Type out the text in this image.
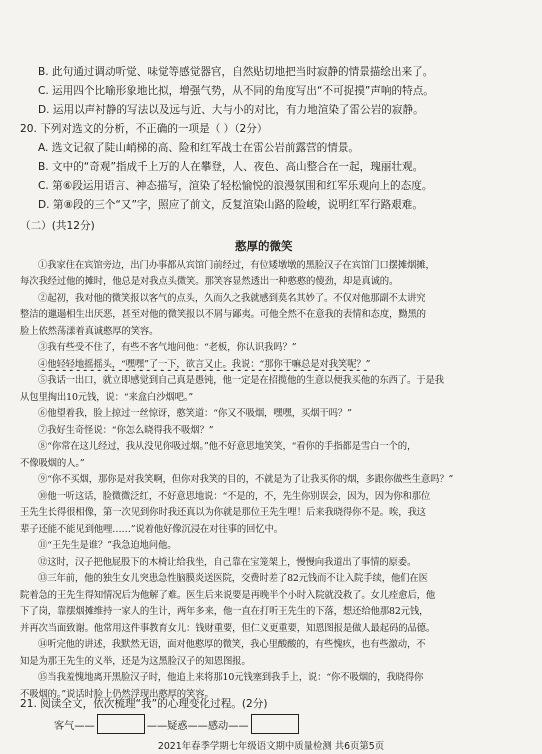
B. 此句通过调动听觉、味觉等感觉器官，自然贴切地把当时寂静的情景描绘出来了。
C. 运用四个比喻形象地比拟，增强气势，从不同的角度写出“不可捉摸”声响的特点。
D. 运用以声衬静的写法以及远与近、大与小的对比，有力地渲染了雷公岩的寂静。
20. 下列对选文的分析，不正确的一项是（ ）（2分）
A. 选文记叙了陡山峭梯的高、险和红军战士在雷公岩前露营的情景。
B. 文中的“奇观”指成千上万的人在攀登，人、夜色、高山整合在一起，瑰丽壮观。
C. 第⑥段运用语言、神态描写，渲染了轻松愉悦的浪漫氛围和红军乐观向上的态度。
D. 第⑧段的三个“又”字，照应了前文，反复渲染山路的险峻，说明红军行路艰难。
（二）(共12分)
憨厚的微笑
①我家住在宾馆旁边，出门办事都从宾馆门前经过，有位矮墩墩的黑脸汉子在宾馆门口摆摊烟摊，
每次我经过他的摊时，他总是对我点头微笑。那笑容显然透出一种憨憨的傻劲，却是真诚的。
②起初，我对他的微笑报以客气的点头，久而久之我就感到莫名其妙了。不仅对他那副不太讲究
整洁的邋遢相生出厌恶，甚至对他的微笑报以不屑与鄙夷。可他全然不在意我的表情和态度，黝黑的
脸上依然荡漾着真诚憨厚的笑容。
③我有些受不住了，有些不客气地问他：“老板，你认识我吗？”
④他轻轻地摇摇头，“嘿嘿”了一下，欲言又止。我说：“那你干嘛总是对我笑呢？”
⑤我话一出口，就立即感觉到自己真是愚钝，他一定是在招揽他的生意以便我买他的东西了。于是我
从包里掏出10元钱，说：“来盒白沙烟吧。”
⑥他望着我，脸上掠过一丝惊讶，憨笑道：“你又不吸烟，嘿嘿，买烟干吗？”
⑦我好生奇怪说：“你怎么晓得我不吸烟？”
⑧“你常在这儿经过，我从没见你吸过烟。”他不好意思地笑笑，“看你的手指都是雪白一个的，
不像吸烟的人。”
⑨“你不买烟，那你是对我笑啊，但你对我笑的目的，不就是为了让我买你的烟，多跟你做些生意吗？”
⑩他一听这话，脸微微泛红，不好意思地说：“不是的，不，先生你别误会，因为，因为你和那位
王先生长得很相像，第一次见到你时我还真以为你就是那位王先生哩！后来我晓得你不是。唉，我这
辈子还能不能见到他哩……”说着他好像沉浸在对往事的回忆中。
⑪“王先生是谁？”我急迫地问他。
⑫这时，汉子把他屁股下的木椅让给我坐，自己靠在宝笼架上，慢慢向我道出了事情的原委。
⑬三年前，他的独生女儿突患急性脑膜炎送医院，交费时差了82元钱而不让入院手续，他们在医
院着急的王先生得知情况后为他解了难。医生后来说要是再晚半个小时入院就没救了。女儿痊愈后，他
下了岗，靠摆烟摊维持一家人的生计，两年多来，他一直在打听王先生的下落，想还给他那82元钱，
并再次当面致谢。他常用这件事教育女儿：钱财重要，但仁义更重要，知恩图报是做人最起码的品德。
⑭听完他的讲述，我默然无语，面对他憨厚的微笑，我心里酸酸的，有些愧疚，也有些激动，不
知是为那王先生的义举，还是为这黑脸汉子的知恩图报。
⑮当我羞愧地离开黑脸汉子时，他追上来将那10元钱塞到我手上，说：“你不吸烟的，我晓得你
不吸烟的。”说话时脸上仍然浮现出憨厚的笑容。
21. 阅读全文，依次梳理“我”的心理变化过程。(2分)
客气——	——疑惑——感动——
2021年春季学期七年级语文期中质量检测 共6页第5页
